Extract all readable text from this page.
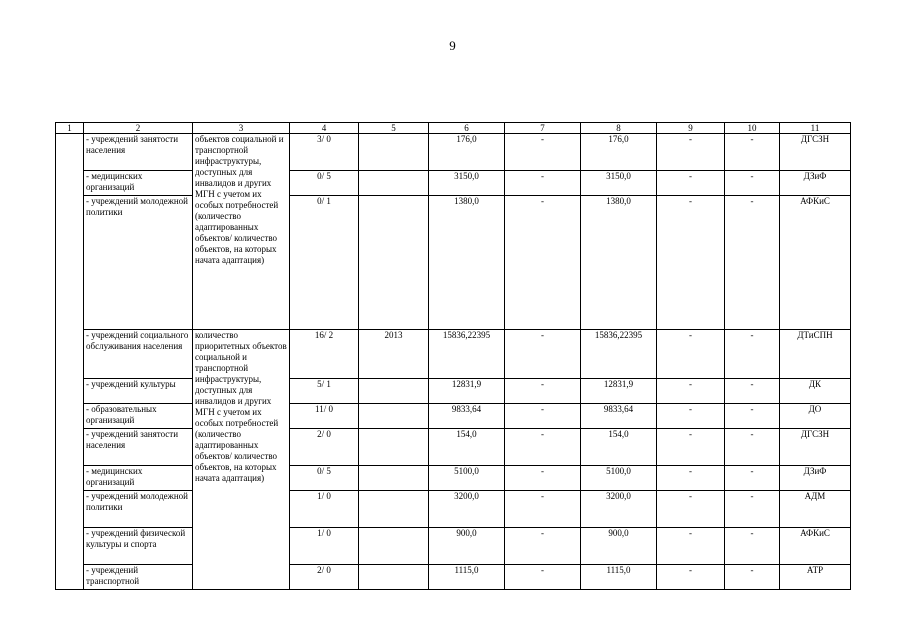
9
1	2	3	4	5	6	7	8	9	10	11
	- учреждений занятости населения	объектов социальной и транспортной инфраструктуры, доступных для инвалидов и других МГН с учетом их особых потребностей (количество адаптированных объектов/ количество объектов, на которых начата адаптация)	3/ 0		176,0	-	176,0	-	-	ДГСЗН
	- медицинских организаций		0/ 5		3150,0	-	3150,0	-	-	ДЗиФ
	- учреждений молодежной политики		0/ 1		1380,0	-	1380,0	-	-	АФКиС
	- учреждений социального обслуживания населения	количество приоритетных объектов социальной и транспортной инфраструктуры, доступных для инвалидов и других МГН с учетом их особых потребностей (количество адаптированных объектов/ количество объектов, на которых начата адаптация)	16/ 2	2013	15836,22395	-	15836,22395	-	-	ДТиСПН
	- учреждений культуры		5/ 1		12831,9	-	12831,9	-	-	ДК
	- образовательных организаций		11/ 0		9833,64	-	9833,64	-	-	ДО
	- учреждений занятости населения		2/ 0		154,0	-	154,0	-	-	ДГСЗН
	- медицинских организаций		0/ 5		5100,0	-	5100,0	-	-	ДЗиФ
	- учреждений молодежной политики		1/ 0		3200,0	-	3200,0	-	-	АДМ
	- учреждений физической культуры и спорта		1/ 0		900,0	-	900,0	-	-	АФКиС
	- учреждений транспортной		2/ 0		1115,0	-	1115,0	-	-	АТР
